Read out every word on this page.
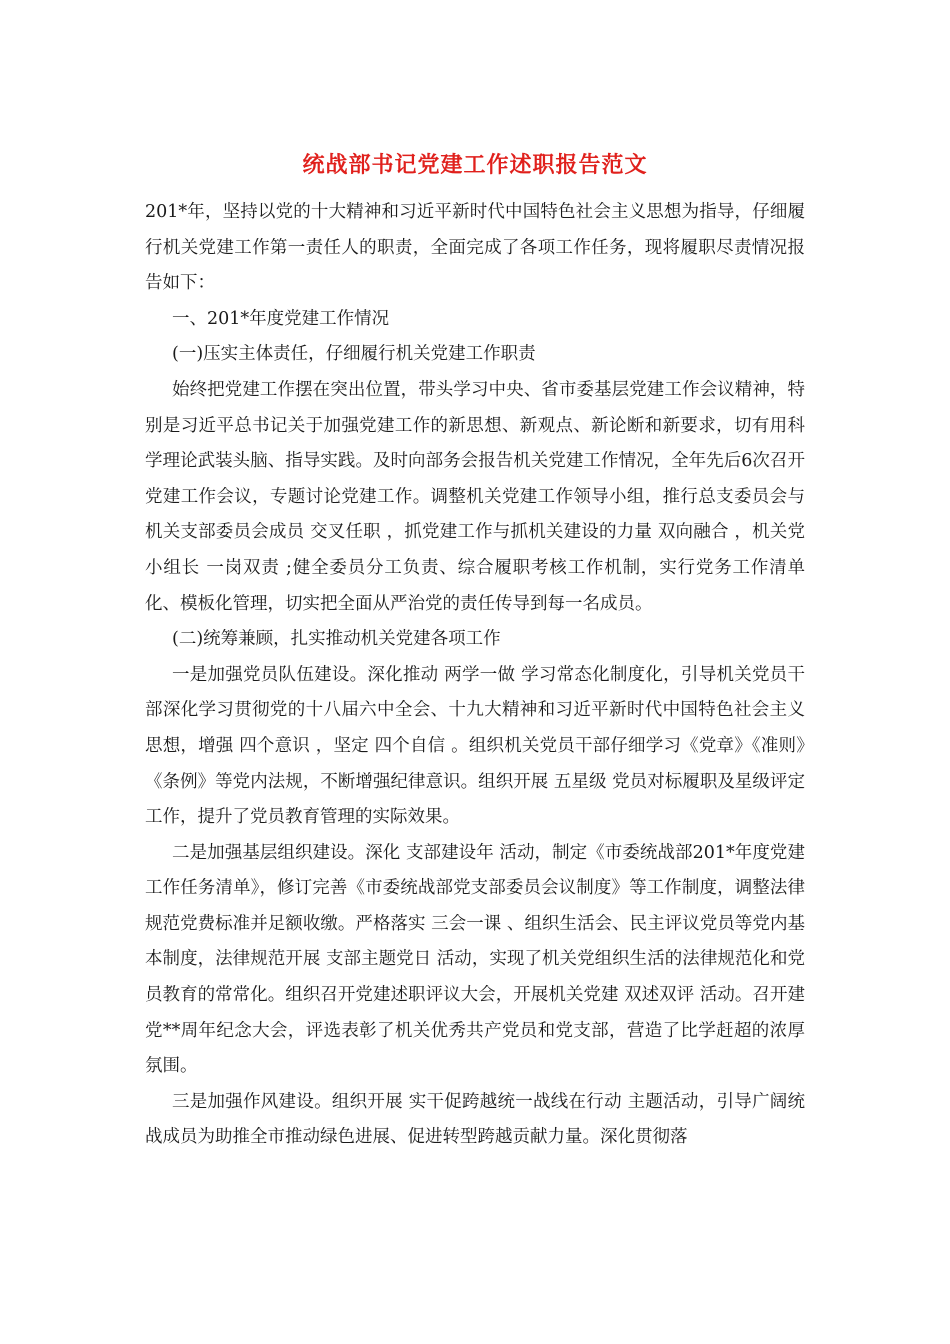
统战部书记党建工作述职报告范文

201*年，坚持以党的十大精神和习近平新时代中国特色社会主义思想为指导，仔细履行机关党建工作第一责任人的职责，全面完成了各项工作任务，现将履职尽责情况报告如下：

一、201*年度党建工作情况

(一)压实主体责任，仔细履行机关党建工作职责

始终把党建工作摆在突出位置，带头学习中央、省市委基层党建工作会议精神，特别是习近平总书记关于加强党建工作的新思想、新观点、新论断和新要求，切有用科学理论武装头脑、指导实践。及时向部务会报告机关党建工作情况，全年先后6次召开党建工作会议，专题讨论党建工作。调整机关党建工作领导小组，推行总支委员会与机关支部委员会成员 交叉任职 ，抓党建工作与抓机关建设的力量 双向融合 ，机关党小组长 一岗双责 ;健全委员分工负责、综合履职考核工作机制，实行党务工作清单化、模板化管理，切实把全面从严治党的责任传导到每一名成员。

(二)统筹兼顾，扎实推动机关党建各项工作

一是加强党员队伍建设。深化推动 两学一做 学习常态化制度化，引导机关党员干部深化学习贯彻党的十八届六中全会、十九大精神和习近平新时代中国特色社会主义思想，增强 四个意识 ，坚定 四个自信 。组织机关党员干部仔细学习《党章》《准则》《条例》等党内法规，不断增强纪律意识。组织开展 五星级 党员对标履职及星级评定工作，提升了党员教育管理的实际效果。

二是加强基层组织建设。深化 支部建设年 活动，制定《市委统战部201*年度党建工作任务清单》，修订完善《市委统战部党支部委员会议制度》等工作制度，调整法律规范党费标准并足额收缴。严格落实 三会一课 、组织生活会、民主评议党员等党内基本制度，法律规范开展 支部主题党日 活动，实现了机关党组织生活的法律规范化和党员教育的常常化。组织召开党建述职评议大会，开展机关党建 双述双评 活动。召开建党**周年纪念大会，评选表彰了机关优秀共产党员和党支部，营造了比学赶超的浓厚氛围。

三是加强作风建设。组织开展 实干促跨越统一战线在行动 主题活动，引导广阔统战成员为助推全市推动绿色进展、促进转型跨越贡献力量。深化贯彻落
